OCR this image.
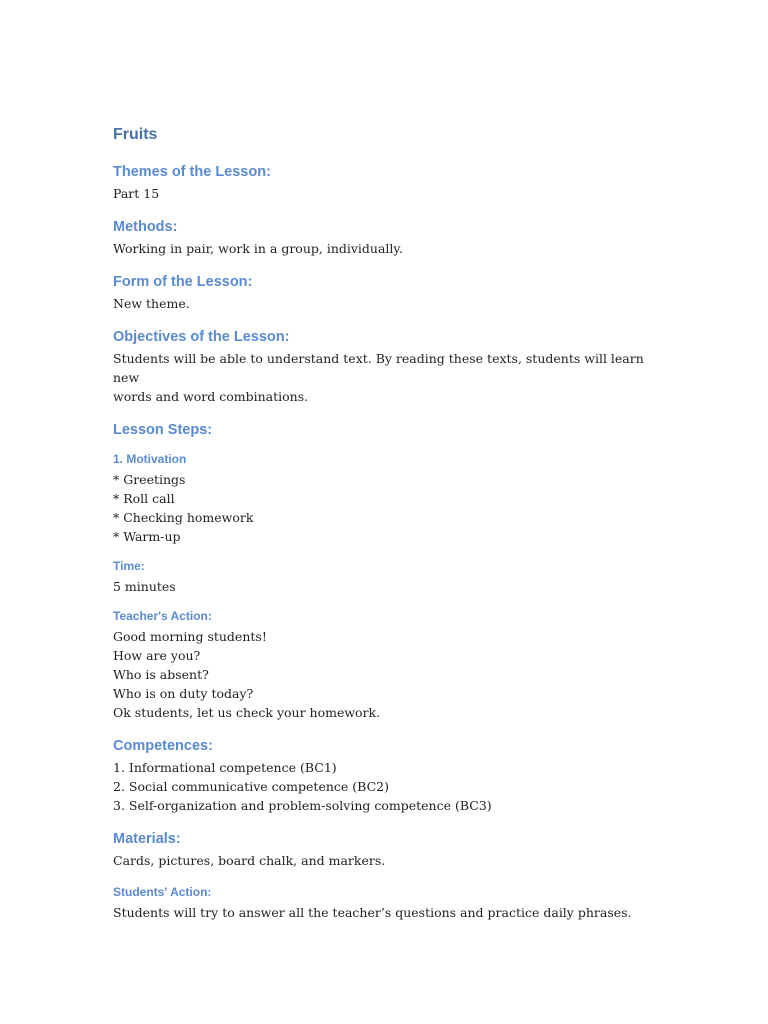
Fruits
Themes of the Lesson:

Part 15

Methods:

Working in pair, work in a group, individually.

Form of the Lesson:

New theme.

Objectives of the Lesson:

Students will be able to understand text. By reading these texts, students will learn new

words and word combinations.

Lesson Steps:
1. Motivation

* Greetings

* Roll call

* Checking homework

* Warm-up

Time:

5 minutes

Teacher's Action:

Good morning students!

How are you?

Who is absent?

Who is on duty today?

Ok students, let us check your homework.

Competences:

1. Informational competence (BC1)

2. Social communicative competence (BC2)

3. Self-organization and problem-solving competence (BC3)

Materials:

Cards, pictures, board chalk, and markers.

Students' Action:

Students will try to answer all the teacher’s questions and practice daily phrases.
